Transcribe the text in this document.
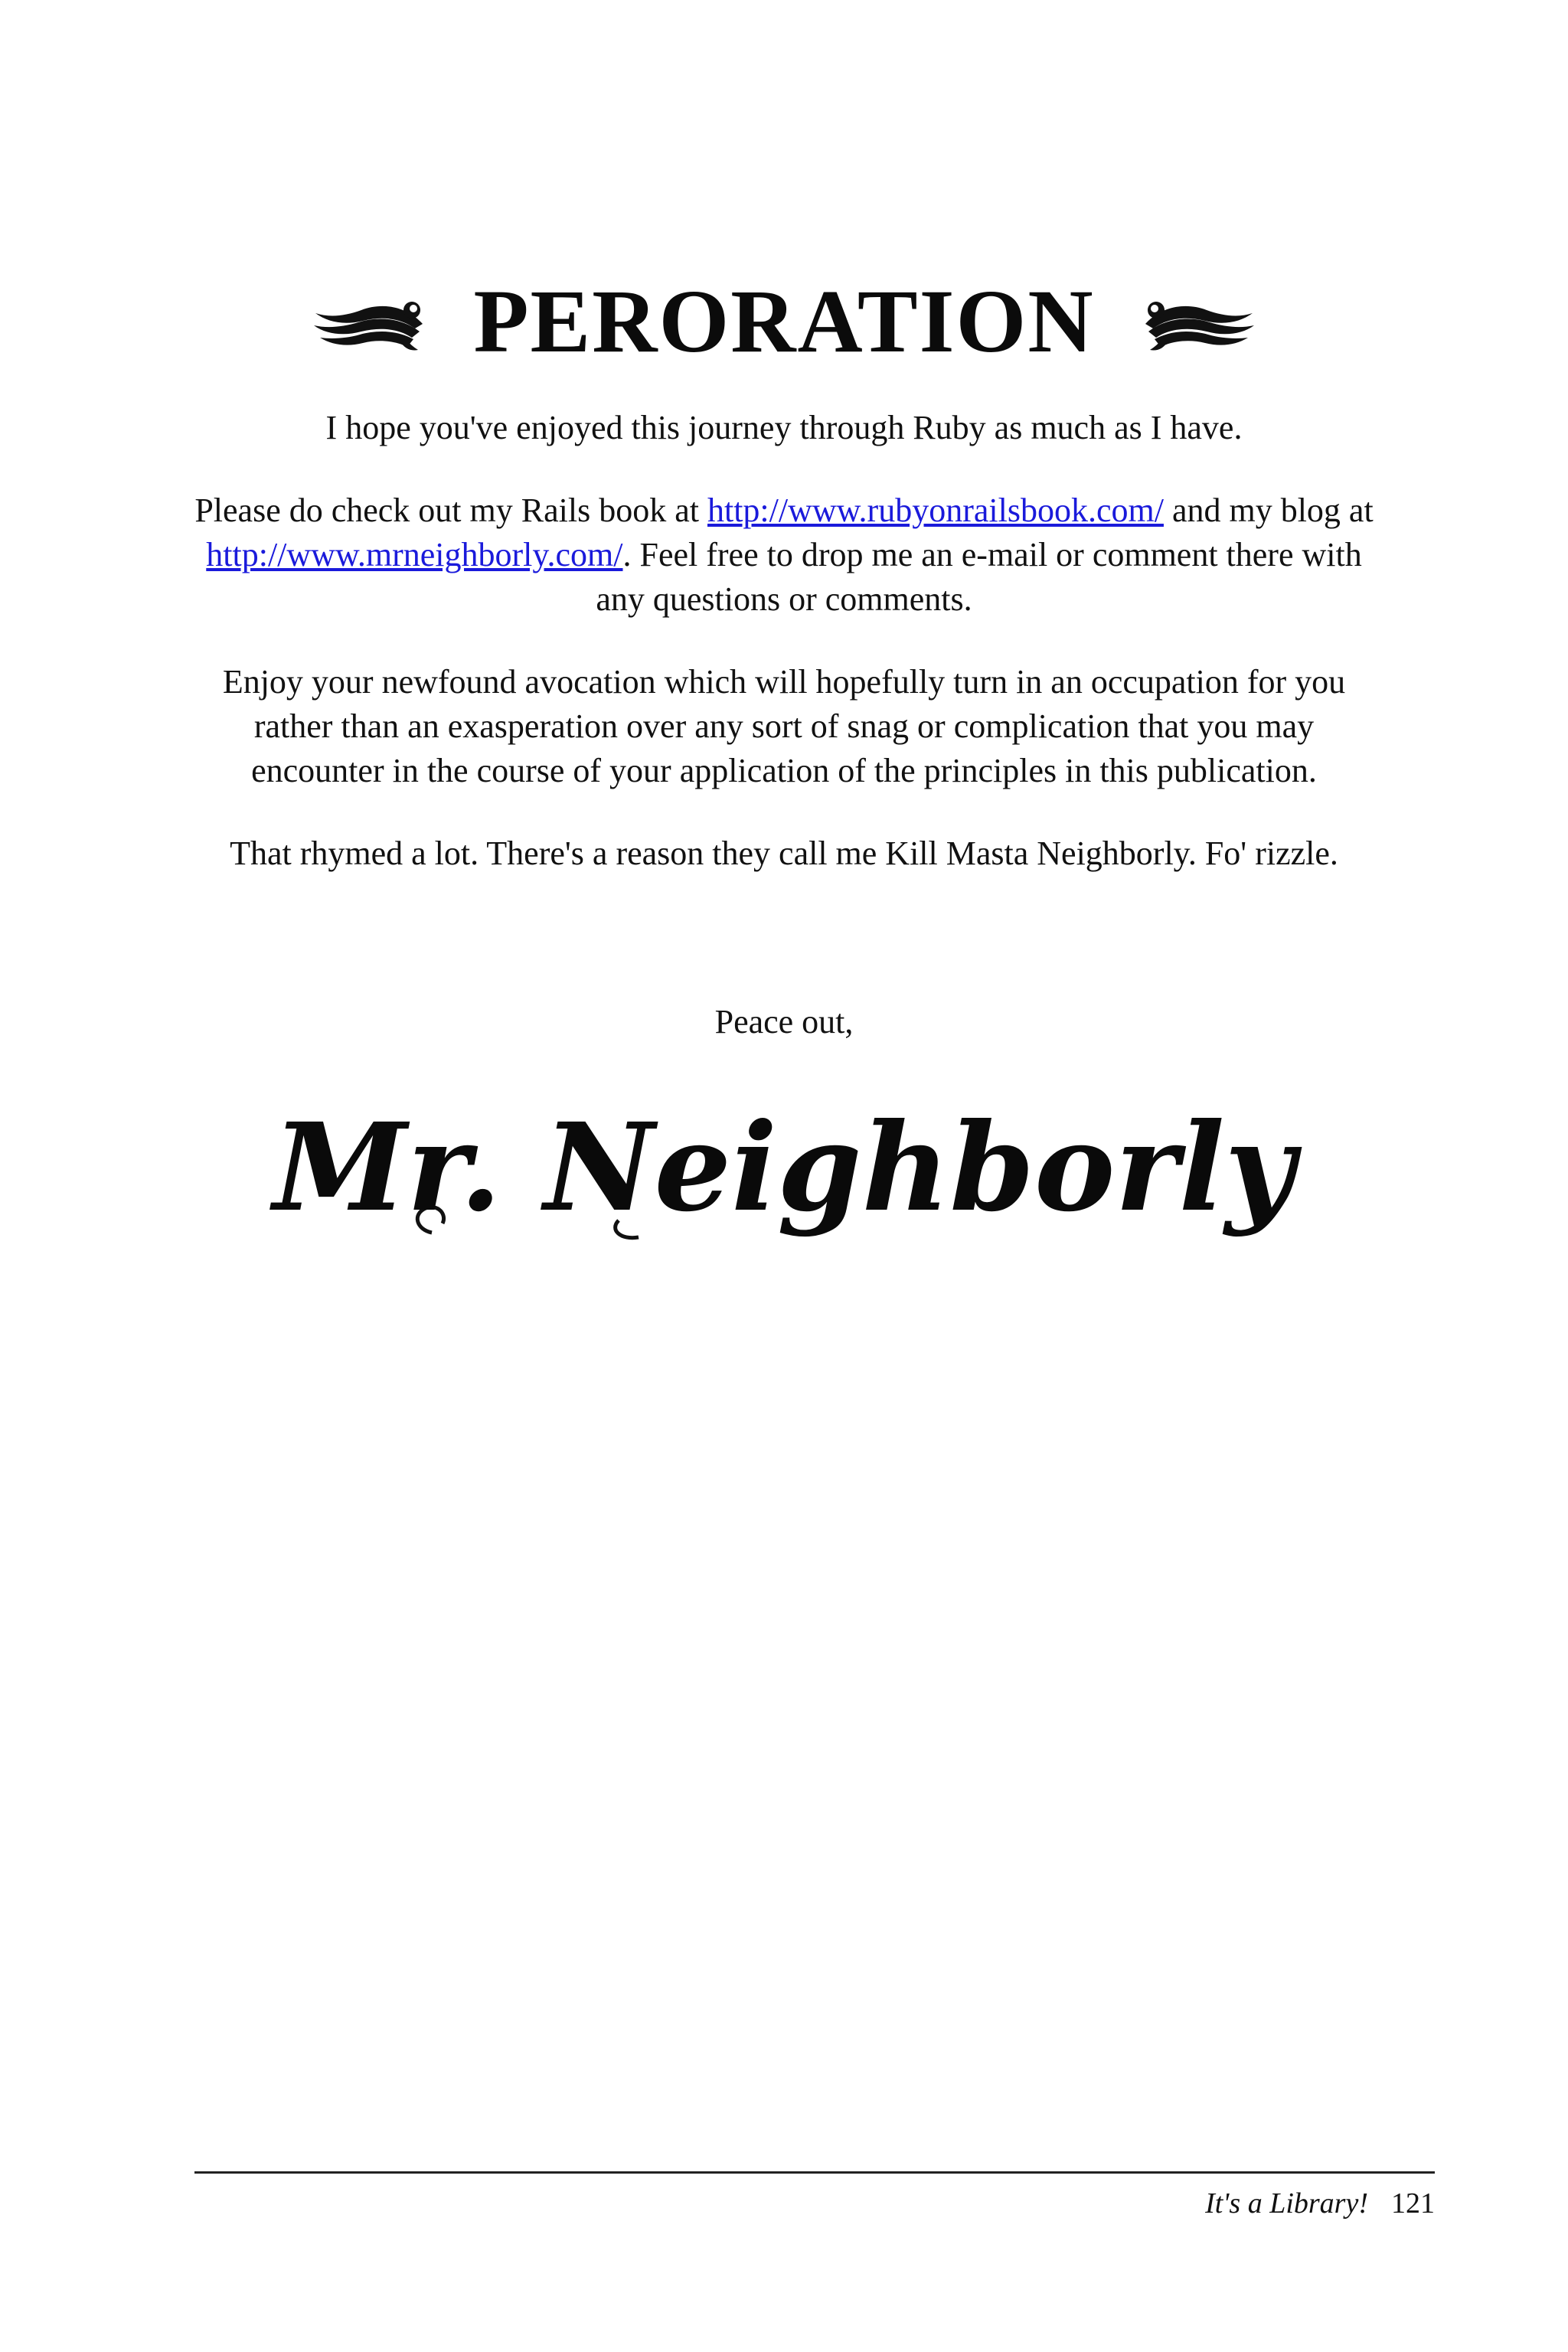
PERORATION

I hope you've enjoyed this journey through Ruby as much as I have.

Please do check out my Rails book at http://www.rubyonrailsbook.com/ and my blog at http://www.mrneighborly.com/. Feel free to drop me an e-mail or comment there with any questions or comments.

Enjoy your newfound avocation which will hopefully turn in an occupation for you rather than an exasperation over any sort of snag or complication that you may encounter in the course of your application of the principles in this publication.

That rhymed a lot. There's a reason they call me Kill Masta Neighborly. Fo' rizzle.

Peace out,
Mr. Neighborly
It's a Library! 121
